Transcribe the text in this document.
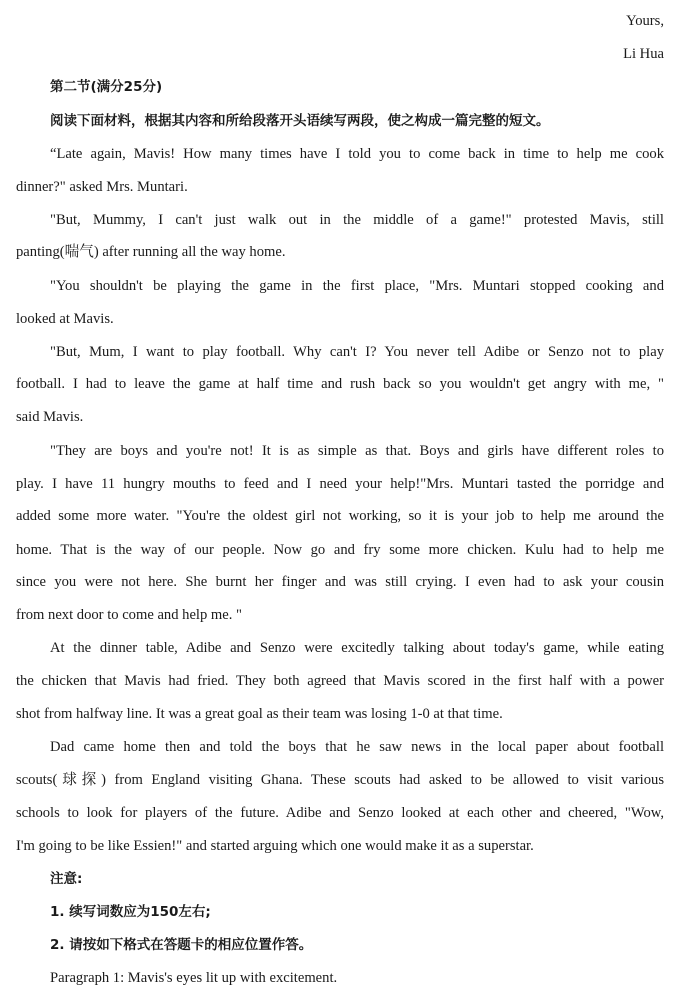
Yours,
Li Hua
第二节(满分25分)
阅读下面材料，根据其内容和所给段落开头语续写两段，使之构成一篇完整的短文。
“Late again, Mavis! How many times have I told you to come back in time to help me cook
dinner?" asked Mrs. Muntari.
"But, Mummy, I can't just walk out in the middle of a game!" protested Mavis, still
panting(喘气) after running all the way home.
"You shouldn't be playing the game in the first place, "Mrs. Muntari stopped cooking and
looked at Mavis.
"But, Mum, I want to play football. Why can't I? You never tell Adibe or Senzo not to play
football. I had to leave the game at half time and rush back so you wouldn't get angry with me, "
said Mavis.
"They are boys and you're not! It is as simple as that. Boys and girls have different roles to
play. I have 11 hungry mouths to feed and I need your help!"Mrs. Muntari tasted the porridge and
added some more water. "You're the oldest girl not working, so it is your job to help me around the
home. That is the way of our people. Now go and fry some more chicken. Kulu had to help me
since you were not here. She burnt her finger and was still crying. I even had to ask your cousin
from next door to come and help me. "
At the dinner table, Adibe and Senzo were excitedly talking about today's game, while eating
the chicken that Mavis had fried. They both agreed that Mavis scored in the first half with a power
shot from halfway line. It was a great goal as their team was losing 1-0 at that time.
Dad came home then and told the boys that he saw news in the local paper about football
scouts(球探) from England visiting Ghana. These scouts had asked to be allowed to visit various
schools to look for players of the future. Adibe and Senzo looked at each other and cheered, "Wow,
I'm going to be like Essien!" and started arguing which one would make it as a superstar.
注意:
1. 续写词数应为150左右;
2. 请按如下格式在答题卡的相应位置作答。
Paragraph 1: Mavis's eyes lit up with excitement.
